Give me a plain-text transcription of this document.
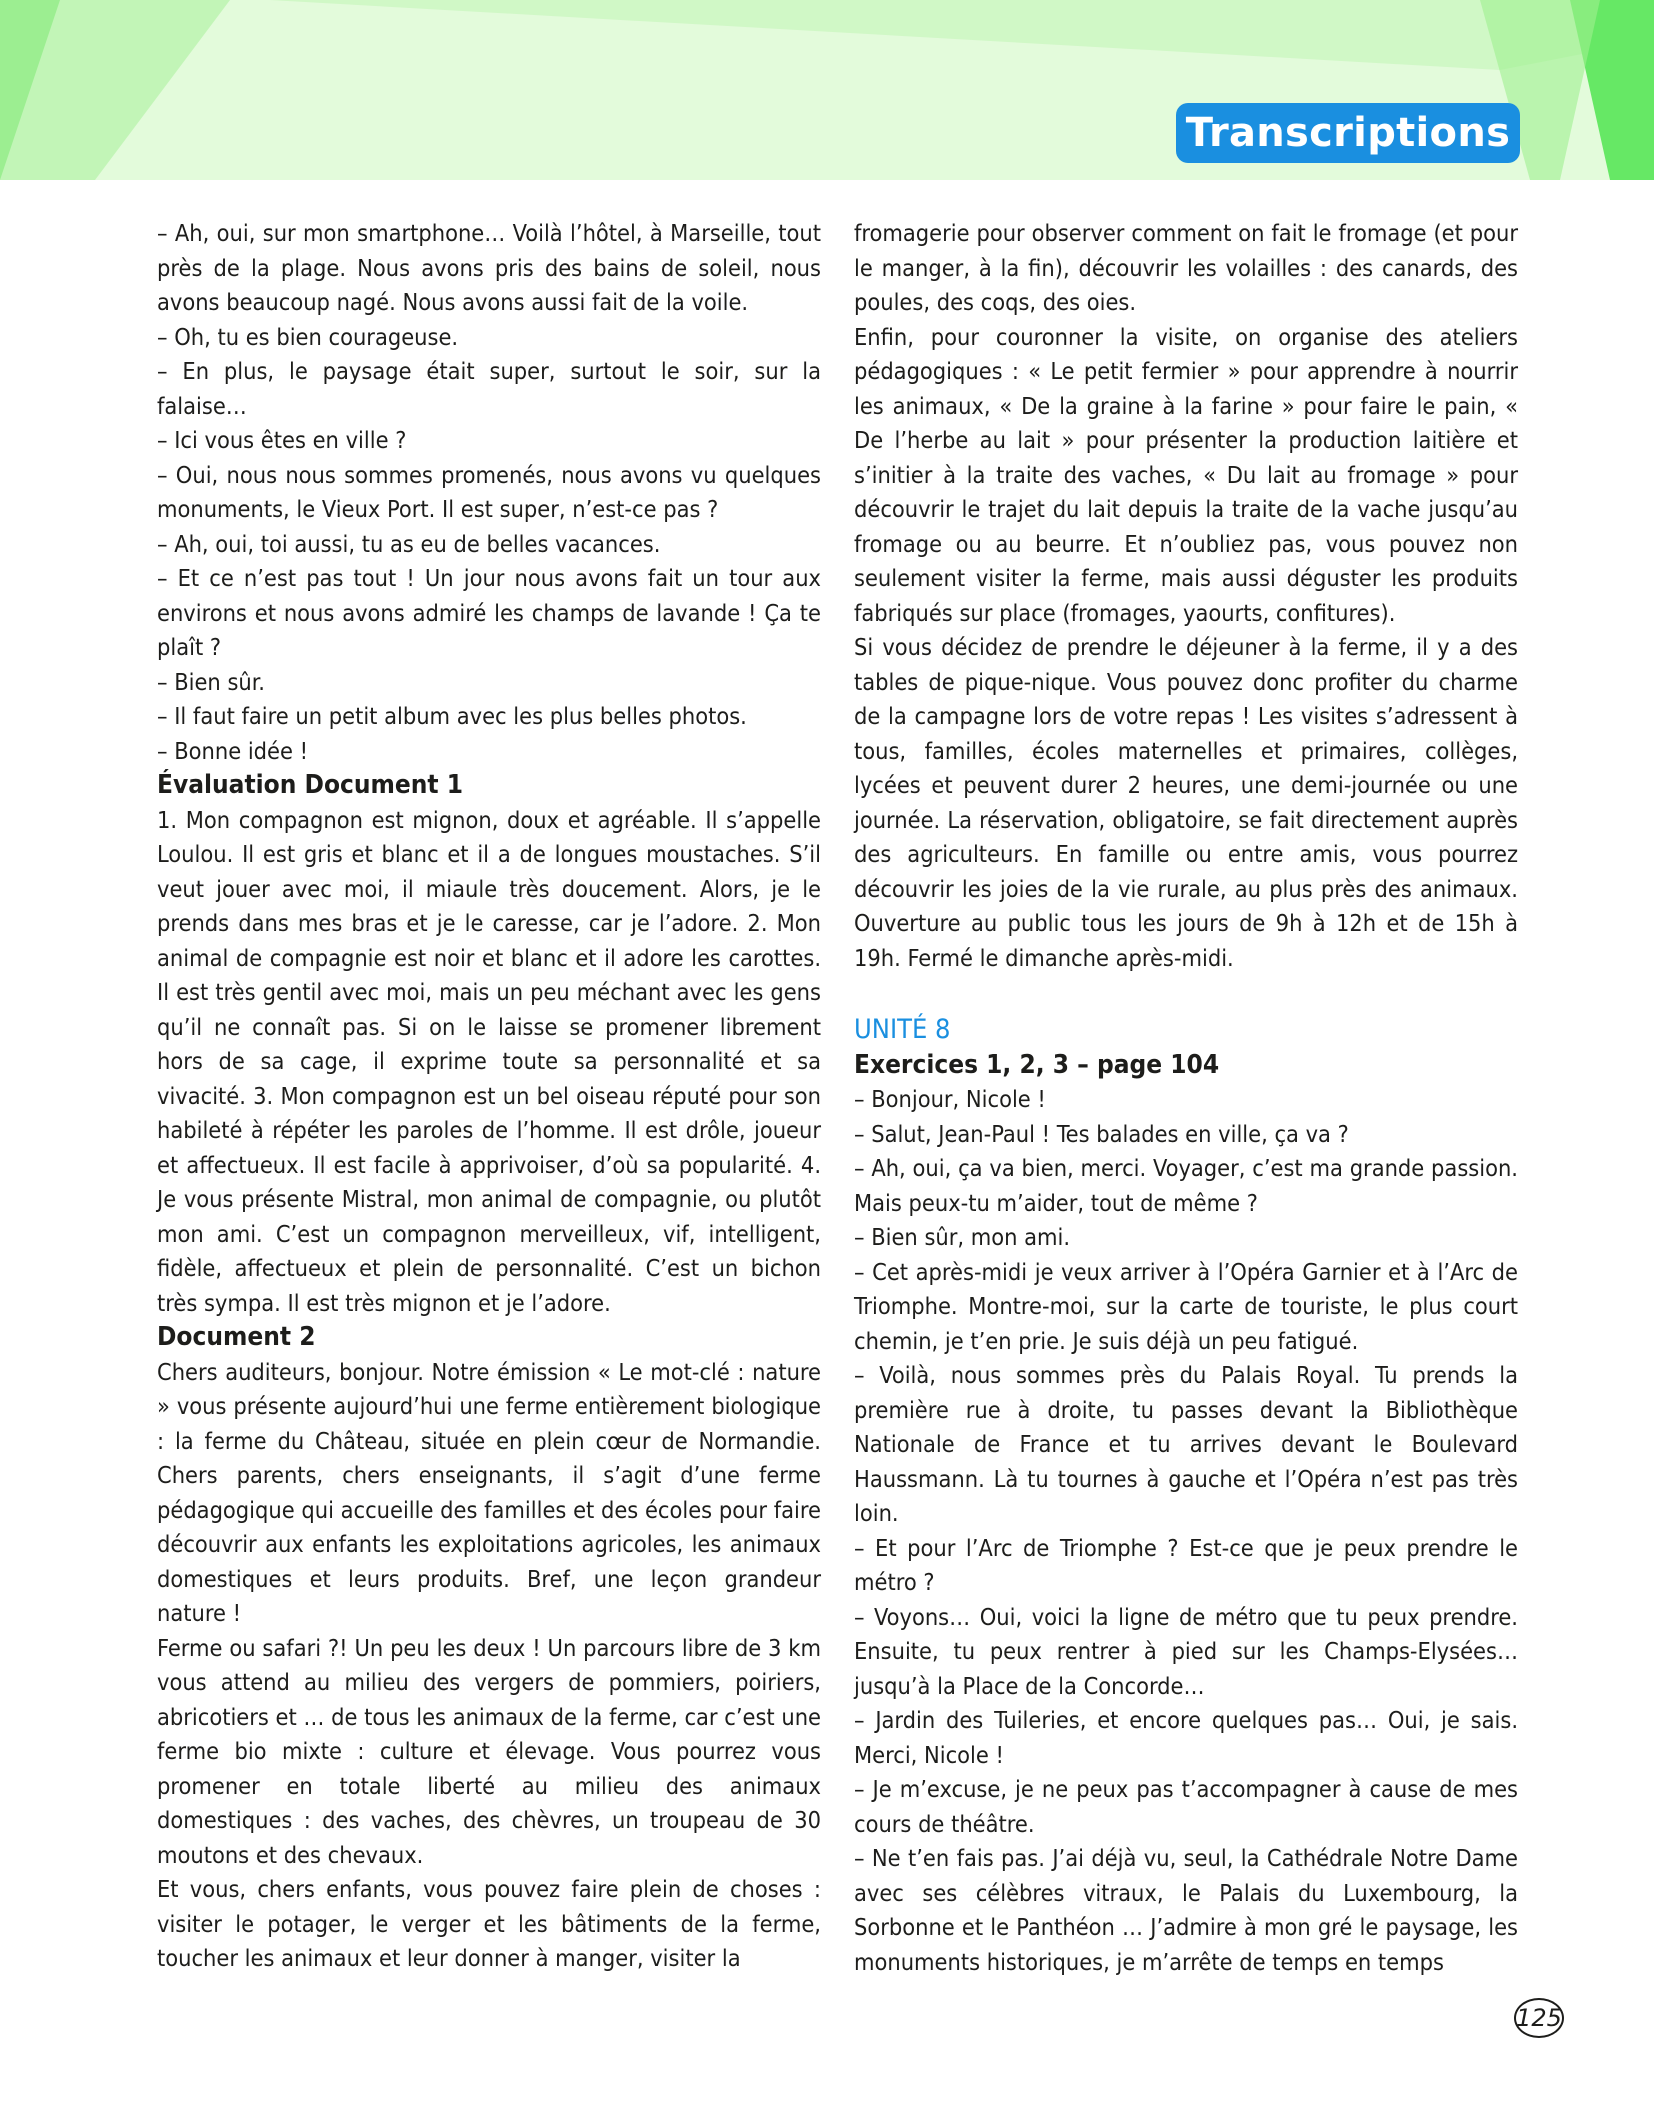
Transcriptions

– Ah, oui, sur mon smartphone… Voilà l’hôtel, à Marseille, tout près de la plage. Nous avons pris des bains de soleil, nous avons beaucoup nagé. Nous avons aussi fait de la voile.

– Oh, tu es bien courageuse.

– En plus, le paysage était super, surtout le soir, sur la falaise…

– Ici vous êtes en ville ?

– Oui, nous nous sommes promenés, nous avons vu quelques monuments, le Vieux Port. Il est super, n’est-ce pas ?

– Ah, oui, toi aussi, tu as eu de belles vacances.

– Et ce n’est pas tout ! Un jour nous avons fait un tour aux environs et nous avons admiré les champs de lavande ! Ça te plaît ?

– Bien sûr.

– Il faut faire un petit album avec les plus belles photos.

– Bonne idée !

Évaluation Document 1

1. Mon compagnon est mignon, doux et agréable. Il s’appelle Loulou. Il est gris et blanc et il a de longues moustaches. S’il veut jouer avec moi, il miaule très doucement. Alors, je le prends dans mes bras et je le caresse, car je l’adore. 2. Mon animal de compagnie est noir et blanc et il adore les carottes. Il est très gentil avec moi, mais un peu méchant avec les gens qu’il ne connaît pas. Si on le laisse se promener librement hors de sa cage, il exprime toute sa personnalité et sa vivacité. 3. Mon compagnon est un bel oiseau réputé pour son habileté à répéter les paroles de l’homme. Il est drôle, joueur et affectueux. Il est facile à apprivoiser, d’où sa popularité. 4. Je vous présente Mistral, mon animal de compagnie, ou plutôt mon ami. C’est un compagnon merveilleux, vif, intelligent, fidèle, affectueux et plein de personnalité. C’est un bichon très sympa. Il est très mignon et je l’adore.

Document 2

Chers auditeurs, bonjour. Notre émission « Le mot-clé : nature » vous présente aujourd’hui une ferme entièrement biologique : la ferme du Château, située en plein cœur de Normandie. Chers parents, chers enseignants, il s’agit d’une ferme pédagogique qui accueille des familles et des écoles pour faire découvrir aux enfants les exploitations agricoles, les animaux domestiques et leurs produits. Bref, une leçon grandeur nature !

Ferme ou safari ?! Un peu les deux ! Un parcours libre de 3 km vous attend au milieu des vergers de pommiers, poiriers, abricotiers et … de tous les animaux de la ferme, car c’est une ferme bio mixte : culture et élevage. Vous pourrez vous promener en totale liberté au milieu des animaux domestiques : des vaches, des chèvres, un troupeau de 30 moutons et des chevaux.

Et vous, chers enfants, vous pouvez faire plein de choses : visiter le potager, le verger et les bâtiments de la ferme, toucher les animaux et leur donner à manger, visiter la

fromagerie pour observer comment on fait le fromage (et pour le manger, à la fin), découvrir les volailles : des canards, des poules, des coqs, des oies.

Enfin, pour couronner la visite, on organise des ateliers pédagogiques : « Le petit fermier » pour apprendre à nourrir les animaux, « De la graine à la farine » pour faire le pain, « De l’herbe au lait » pour présenter la production laitière et s’initier à la traite des vaches, « Du lait au fromage » pour découvrir le trajet du lait depuis la traite de la vache jusqu’au fromage ou au beurre. Et n’oubliez pas, vous pouvez non seulement visiter la ferme, mais aussi déguster les produits fabriqués sur place (fromages, yaourts, confitures).

Si vous décidez de prendre le déjeuner à la ferme, il y a des tables de pique-nique. Vous pouvez donc profiter du charme de la campagne lors de votre repas ! Les visites s’adressent à tous, familles, écoles maternelles et primaires, collèges, lycées et peuvent durer 2 heures, une demi-journée ou une journée. La réservation, obligatoire, se fait directement auprès des agriculteurs. En famille ou entre amis, vous pourrez découvrir les joies de la vie rurale, au plus près des animaux. Ouverture au public tous les jours de 9h à 12h et de 15h à 19h. Fermé le dimanche après-midi.

UNITÉ 8

Exercices 1, 2, 3 – page 104

– Bonjour, Nicole !

– Salut, Jean-Paul ! Tes balades en ville, ça va ?

– Ah, oui, ça va bien, merci. Voyager, c’est ma grande passion. Mais peux-tu m’aider, tout de même ?

– Bien sûr, mon ami.

– Cet après-midi je veux arriver à l’Opéra Garnier et à l’Arc de Triomphe. Montre-moi, sur la carte de touriste, le plus court chemin, je t’en prie. Je suis déjà un peu fatigué.

– Voilà, nous sommes près du Palais Royal. Tu prends la première rue à droite, tu passes devant la Bibliothèque Nationale de France et tu arrives devant le Boulevard Haussmann. Là tu tournes à gauche et l’Opéra n’est pas très loin.

– Et pour l’Arc de Triomphe ? Est-ce que je peux prendre le métro ?

– Voyons… Oui, voici la ligne de métro que tu peux prendre. Ensuite, tu peux rentrer à pied sur les Champs-Elysées… jusqu’à la Place de la Concorde…

– Jardin des Tuileries, et encore quelques pas… Oui, je sais. Merci, Nicole !

– Je m’excuse, je ne peux pas t’accompagner à cause de mes cours de théâtre.

– Ne t’en fais pas. J’ai déjà vu, seul, la Cathédrale Notre Dame avec ses célèbres vitraux, le Palais du Luxembourg, la Sorbonne et le Panthéon … J’admire à mon gré le paysage, les monuments historiques, je m’arrête de temps en temps

125
